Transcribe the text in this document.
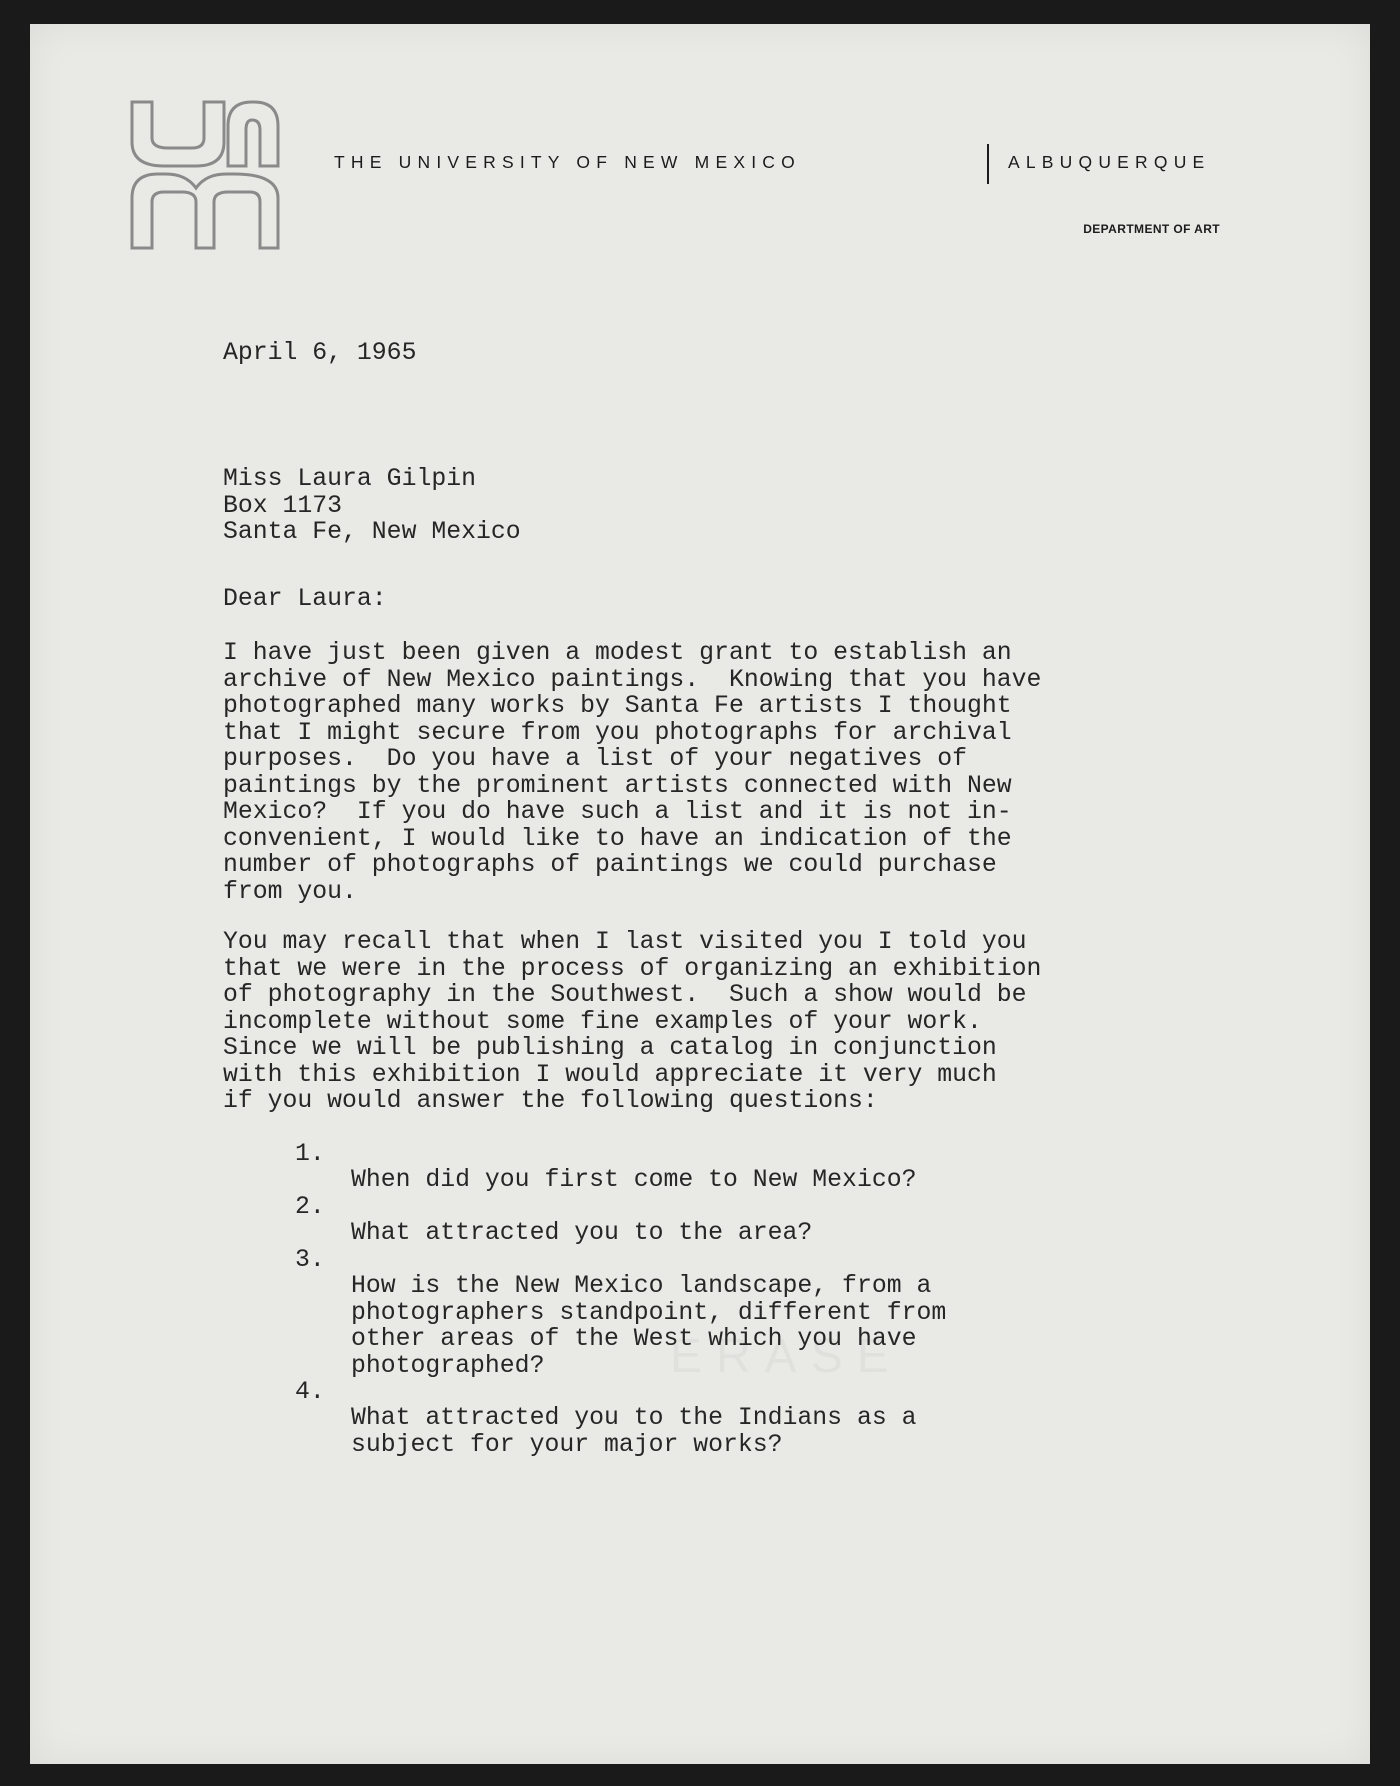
THE UNIVERSITY OF NEW MEXICO	ALBUQUERQUE
DEPARTMENT OF ART
April 6, 1965
Miss Laura Gilpin
Box 1173
Santa Fe, New Mexico
Dear Laura:
I have just been given a modest grant to establish an
archive of New Mexico paintings.  Knowing that you have
photographed many works by Santa Fe artists I thought
that I might secure from you photographs for archival
purposes.  Do you have a list of your negatives of
paintings by the prominent artists connected with New
Mexico?  If you do have such a list and it is not in-
convenient, I would like to have an indication of the
number of photographs of paintings we could purchase
from you.
You may recall that when I last visited you I told you
that we were in the process of organizing an exhibition
of photography in the Southwest.  Such a show would be
incomplete without some fine examples of your work.
Since we will be publishing a catalog in conjunction
with this exhibition I would appreciate it very much
if you would answer the following questions:

1.

When did you first come to New Mexico?

2.

What attracted you to the area?

3.

How is the New Mexico landscape, from a
photographers standpoint, different from
other areas of the West which you have
photographed?

4.

What attracted you to the Indians as a
subject for your major works?
